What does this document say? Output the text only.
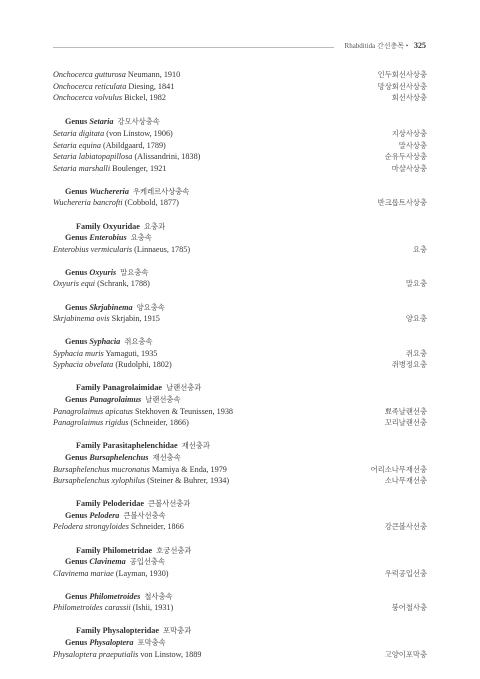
Rhabditida 간선충목 • 325
Onchocerca gutturosa Neumann, 1910	인두회선사상충
Onchocerca reticulata Diesing, 1841	망상회선사상충
Onchocerca volvulus Bickel, 1982	회선사상충
Genus Setaria 강모사상충속
Setaria digitata (von Linstow, 1906)	지상사상충
Setaria equina (Abildgaard, 1789)	말사상충
Setaria labiatopapillosa (Alissandrini, 1838)	순유두사상충
Setaria marshalli Boulenger, 1921	마샬사상충
Genus Wuchereria 우케레르사상충속
Wuchereria bancrofti (Cobbold, 1877)	반크롭트사상충
Family Oxyuridae 요충과
Genus Enterobius 요충속
Enterobius vermicularis (Linnaeus, 1785)	요충
Genus Oxyuris 말요충속
Oxyuris equi (Schrank, 1788)	말요충
Genus Skrjabinema 양요충속
Skrjabinema ovis Skrjabin, 1915	양요충
Genus Syphacia 쥐요충속
Syphacia muris Yamaguti, 1935	쥐요충
Syphacia obvelata (Rudolphi, 1802)	쥐병정요충
Family Panagrolaimidae 날랜선충과
Genus Panagrolaimus 날랜선충속
Panagrolaimus apicatus Stekhoven & Teunissen, 1938	뾰족날랜선충
Panagrolaimus rigidus (Schneider, 1866)	꼬리날랜선충
Family Parasitaphelenchidae 재선충과
Genus Bursaphelenchus 재선충속
Bursaphelenchus mucronatus Mamiya & Enda, 1979	어리소나무재선충
Bursaphelenchus xylophilus (Steiner & Buhrer, 1934)	소나무재선충
Family Peloderidae 큰볼사선충과
Genus Pelodera 큰볼사선충속
Pelodera strongyloides Schneider, 1866	강큰볼사선충
Family Philometridae 호궁선충과
Genus Clavinema 공입선충속
Clavinema mariae (Layman, 1930)	우럭공입선충
Genus Philometroides 철사충속
Philometroides carassii (Ishii, 1931)	붕어철사충
Family Physalopteridae 포막충과
Genus Physaloptera 포막충속
Physaloptera praeputialis von Linstow, 1889	고양이포막충
